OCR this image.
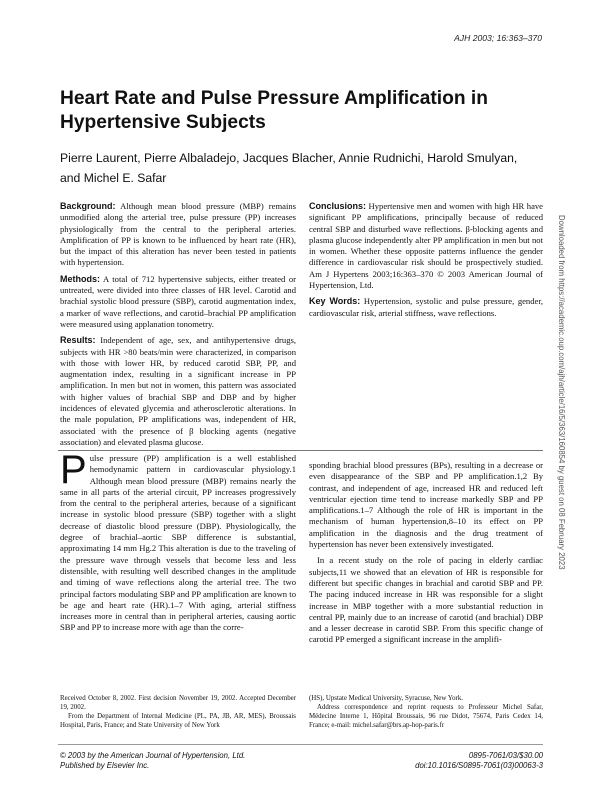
AJH 2003; 16:363–370
Heart Rate and Pulse Pressure Amplification in Hypertensive Subjects
Pierre Laurent, Pierre Albaladejo, Jacques Blacher, Annie Rudnichi, Harold Smulyan, and Michel E. Safar

Background: Although mean blood pressure (MBP) remains unmodified along the arterial tree, pulse pressure (PP) increases physiologically from the central to the peripheral arteries. Amplification of PP is known to be influenced by heart rate (HR), but the impact of this alteration has never been tested in patients with hypertension.

Methods: A total of 712 hypertensive subjects, either treated or untreated, were divided into three classes of HR level. Carotid and brachial systolic blood pressure (SBP), carotid augmentation index, a marker of wave reflections, and carotid–brachial PP amplification were measured using applanation tonometry.

Results: Independent of age, sex, and antihypertensive drugs, subjects with HR >80 beats/min were characterized, in comparison with those with lower HR, by reduced carotid SBP, PP, and augmentation index, resulting in a significant increase in PP amplification. In men but not in women, this pattern was associated with higher values of brachial SBP and DBP and by higher incidences of elevated glycemia and atherosclerotic alterations. In the male population, PP amplifications was, independent of HR, associated with the presence of β blocking agents (negative association) and elevated plasma glucose.

Conclusions: Hypertensive men and women with high HR have significant PP amplifications, principally because of reduced central SBP and disturbed wave reflections. β-blocking agents and plasma glucose independently alter PP amplification in men but not in women. Whether these opposite patterns influence the gender difference in cardiovascular risk should be prospectively studied. Am J Hypertens 2003;16:363–370 © 2003 American Journal of Hypertension, Ltd.

Key Words: Hypertension, systolic and pulse pressure, gender, cardiovascular risk, arterial stiffness, wave reflections.

Pulse pressure (PP) amplification is a well established hemodynamic pattern in cardiovascular physiology.1 Although mean blood pressure (MBP) remains nearly the same in all parts of the arterial circuit, PP increases progressively from the central to the peripheral arteries, because of a significant increase in systolic blood pressure (SBP) together with a slight decrease of diastolic blood pressure (DBP). Physiologically, the degree of brachial–aortic SBP difference is substantial, approximating 14 mm Hg.2 This alteration is due to the traveling of the pressure wave through vessels that become less and less distensible, with resulting well described changes in the amplitude and timing of wave reflections along the arterial tree. The two principal factors modulating SBP and PP amplification are known to be age and heart rate (HR).1–7 With aging, arterial stiffness increases more in central than in peripheral arteries, causing aortic SBP and PP to increase more with age than the corre-

sponding brachial blood pressures (BPs), resulting in a decrease or even disappearance of the SBP and PP amplification.1,2 By contrast, and independent of age, increased HR and reduced left ventricular ejection time tend to increase markedly SBP and PP amplifications.1–7 Although the role of HR is important in the mechanism of human hypertension,8–10 its effect on PP amplification in the diagnosis and the drug treatment of hypertension has never been extensively investigated.

In a recent study on the role of pacing in elderly cardiac subjects,11 we showed that an elevation of HR is responsible for different but specific changes in brachial and carotid SBP and PP. The pacing induced increase in HR was responsible for a slight increase in MBP together with a more substantial reduction in central PP, mainly due to an increase of carotid (and brachial) DBP and a lesser decrease in carotid SBP. From this specific change of carotid PP emerged a significant increase in the amplifi-

Received October 8, 2002. First decision November 19, 2002. Accepted December 19, 2002.

From the Department of Internal Medicine (PL, PA, JB, AR, MES), Broussais Hospital, Paris, France; and State University of New York

(HS), Upstate Medical University, Syracuse, New York.

Address correspondence and reprint requests to Professeur Michel Safar, Médecine Interne 1, Hôpital Broussais, 96 rue Didot, 75674, Paris Cedex 14, France; e-mail: michel.safar@brs.ap-hop-paris.fr

© 2003 by the American Journal of Hypertension, Ltd.
Published by Elsevier Inc.
0895-7061/03/$30.00
doi:10.1016/S0895-7061(03)00063-3
Downloaded from https://academic.oup.com/ajh/article/16/5/363/160854 by guest on 08 February 2023
